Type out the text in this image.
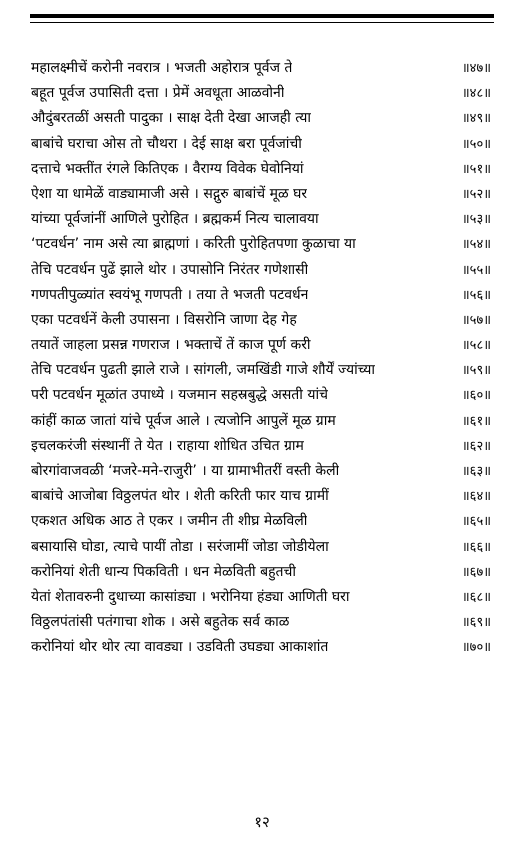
महालक्ष्मीचें करोनी नवरात्र । भजती अहोरात्र पूर्वज ते	॥४७॥
बहूत पूर्वज उपासिती दत्ता । प्रेमें अवधूता आळवोनी	॥४८॥
औदुंबरतळीं असती पादुका । साक्ष देती देखा आजही त्या	॥४९॥
बाबांचे घराचा ओस तो चौथरा । देई साक्ष बरा पूर्वजांची	॥५०॥
दत्ताचे भक्तींत रंगले कितिएक । वैराग्य विवेक घेवोनियां	॥५१॥
ऐशा या धामेळें वाड्यामाजी असे । सद्गुरु बाबांचें मूळ घर	॥५२॥
यांच्या पूर्वजांनीं आणिले पुरोहित । ब्रह्मकर्म नित्य चालावया	॥५३॥
‘पटवर्धन’ नाम असे त्या ब्राह्मणां । करिती पुरोहितपणा कुळाचा या	॥५४॥
तेचि पटवर्धन पुढें झाले थोर । उपासोनि निरंतर गणेशासी	॥५५॥
गणपतीपुळ्यांत स्वयंभू गणपती । तया ते भजती पटवर्धन	॥५६॥
एका पटवर्धनें केली उपासना । विसरोनि जाणा देह गेह	॥५७॥
तयातें जाहला प्रसन्न गणराज । भक्ताचें तें काज पूर्ण करी	॥५८॥
तेचि पटवर्धन पुढती झाले राजे । सांगली, जमखिंडी गाजे शौर्यें ज्यांच्या	॥५९॥
परी पटवर्धन मूळांत उपाध्ये । यजमान सहस्रबुद्धे असती यांचे	॥६०॥
कांहीं काळ जातां यांचे पूर्वज आले । त्यजोनि आपुलें मूळ ग्राम	॥६१॥
इचलकरंजी संस्थानीं ते येत । राहाया शोधित उचित ग्राम	॥६२॥
बोरगांवाजवळी ‘मजरे-मने-राजुरी’ । या ग्रामाभीतरीं वस्ती केली	॥६३॥
बाबांचे आजोबा विठ्ठलपंत थोर । शेती करिती फार याच ग्रामीं	॥६४॥
एकशत अधिक आठ ते एकर । जमीन ती शीघ्र मेळविली	॥६५॥
बसायासि घोडा, त्याचे पायीं तोडा । सरंजामीं जोडा जोडीयेला	॥६६॥
करोनियां शेती धान्य पिकविती । धन मेळविती बहुतची	॥६७॥
येतां शेतावरुनी दुधाच्या कासांड्या । भरोनिया हंड्या आणिती घरा	॥६८॥
विठ्ठलपंतांसी पतंगाचा शोक । असे बहुतेक सर्व काळ	॥६९॥
करोनियां थोर थोर त्या वावड्या । उडविती उघड्या आकाशांत	॥७०॥
१२
